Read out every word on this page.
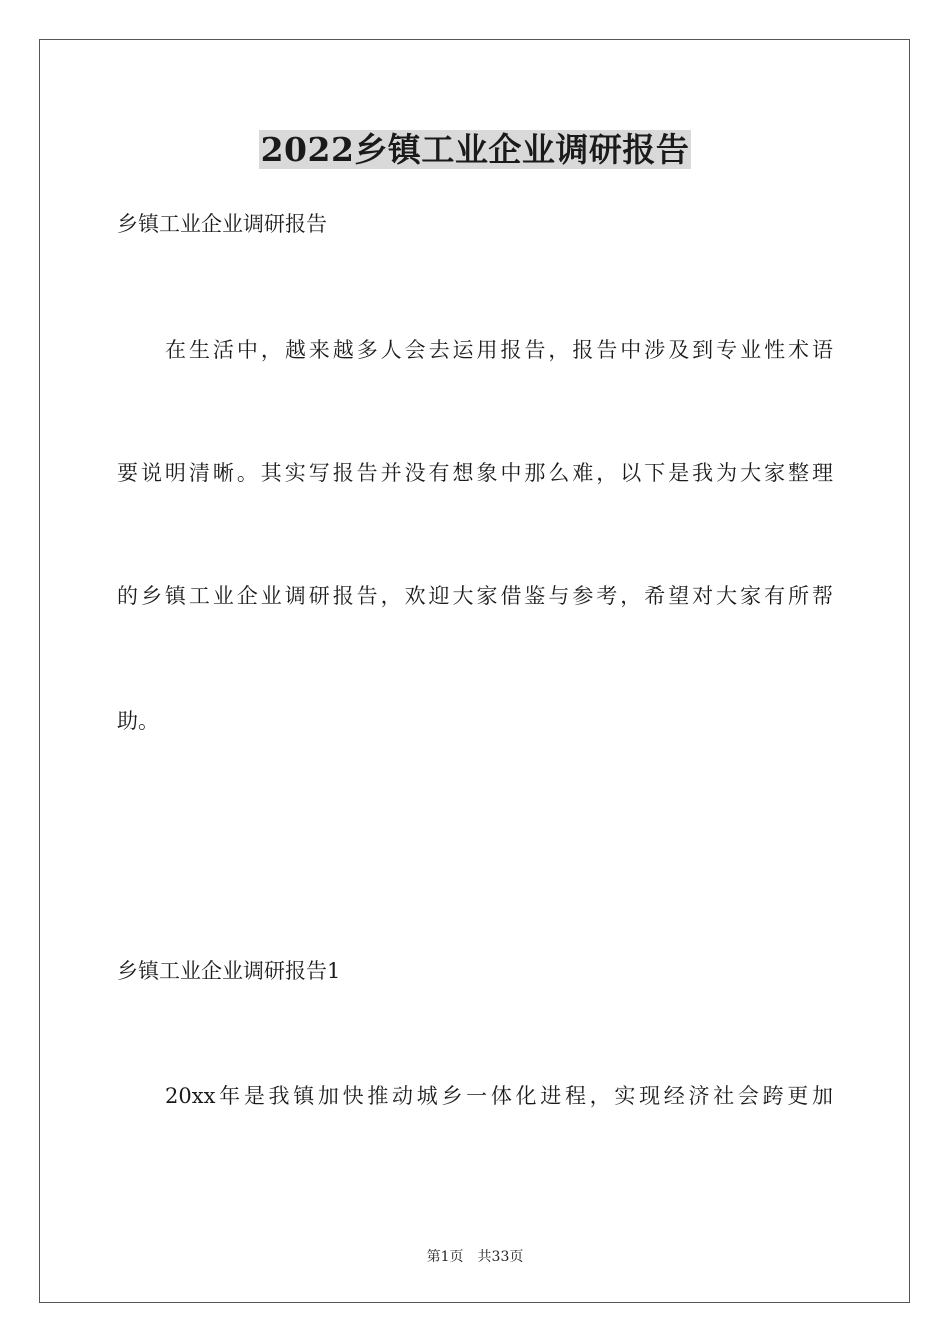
2022乡镇工业企业调研报告
乡镇工业企业调研报告
在生活中，越来越多人会去运用报告，报告中涉及到专业性术语
要说明清晰。其实写报告并没有想象中那么难，以下是我为大家整理
的乡镇工业企业调研报告，欢迎大家借鉴与参考，希望对大家有所帮
助。
乡镇工业企业调研报告1
20xx年是我镇加快推动城乡一体化进程，实现经济社会跨更加
第1页　共33页
